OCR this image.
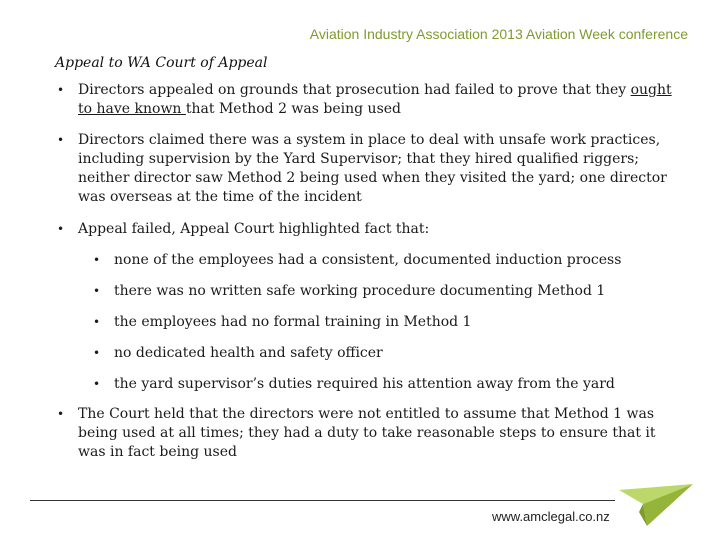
Aviation Industry Association 2013 Aviation Week conference
Appeal to WA Court of Appeal
• Directors appealed on grounds that prosecution had failed to prove that they ought to have known that Method 2 was being used
• Directors claimed there was a system in place to deal with unsafe work practices, including supervision by the Yard Supervisor; that they hired qualified riggers; neither director saw Method 2 being used when they visited the yard; one director was overseas at the time of the incident
• Appeal failed, Appeal Court highlighted fact that:
• none of the employees had a consistent, documented induction process
• there was no written safe working procedure documenting Method 1
• the employees had no formal training in Method 1
• no dedicated health and safety officer
• the yard supervisor’s duties required his attention away from the yard
• The Court held that the directors were not entitled to assume that Method 1 was being used at all times; they had a duty to take reasonable steps to ensure that it was in fact being used
www.amclegal.co.nz
